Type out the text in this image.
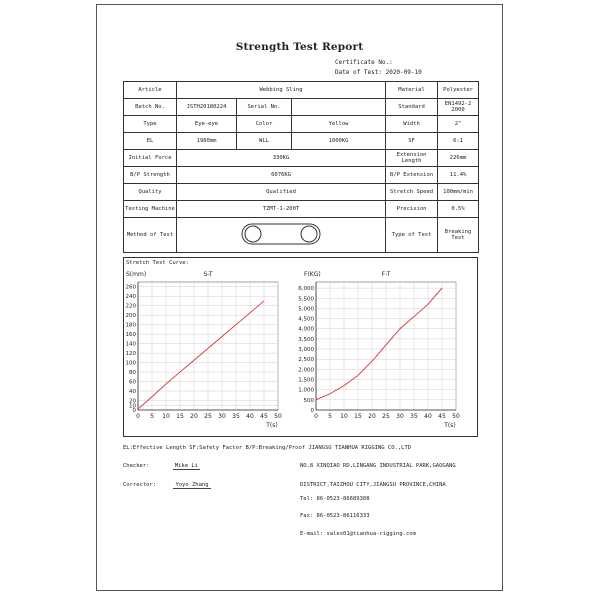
Strength Test Report
Certificate No.:
Date of Test: 2020-09-10
Article	Webbing Sling			Material	Polyester
Batch No.	JSTH20180224	Serial No.		Standard	EN1492-2 2000
Type	Eye-eye	Color	Yellow	Width	2"
EL	1980mm	WLL	1000KG	SF	6:1
Initial Force	330KG			Extension Length	226mm
B/P Strength	6076KG			B/P Extension	11.4%
Quality	Qualified			Stretch Speed	100mm/min
Testing Machine	TZMT-1-200T			Precision	0.5%
Method of Test				Type of Test	Breaking Test
Stretch Test Curve:
0
10
20
40
60
80
100
120
140
160
180
200
220
240
260
0 5 10 15 20 25 30 35 40 45 50
S-T
S(mm)
T(s)
0
500
1,000
1,500
2,000
2,500
3,000
3,500
4,000
4,500
5,000
5,500
6,000
0 5 10 15 20 25 30 35 40 45 50
F-T
F(KG)
T(s)
EL:Effective Length SF:Safety Factor B/P:Breaking/Proof JIANGSU TIANHUA RIGGING CO.,LTD
Checker:	Mike Li
Corrector:	Yoyo Zhang
NO.8 XINQIAO RD,LINGANG INDUSTRIAL PARK,GAOGANG
DISTRICT,TAIZHOU CITY,JIANGSU PROVINCE,CHINA
Tel: 86-0523-86689308
Fax: 86-0523-86116333
E-mail: sales01@tianhua-rigging.com
